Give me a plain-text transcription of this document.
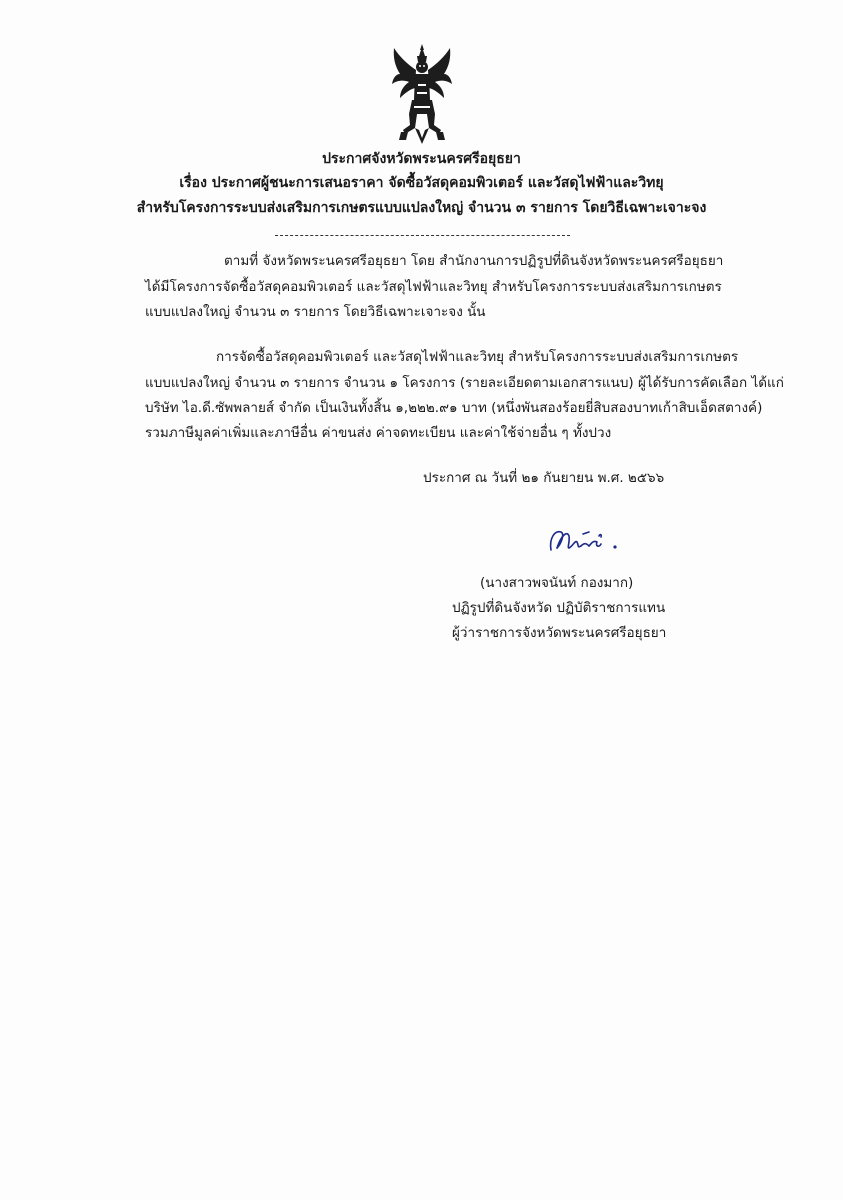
ประกาศจังหวัดพระนครศรีอยุธยา
เรื่อง ประกาศผู้ชนะการเสนอราคา จัดซื้อวัสดุคอมพิวเตอร์ และวัสดุไฟฟ้าและวิทยุ
สำหรับโครงการระบบส่งเสริมการเกษตรแบบแปลงใหญ่ จำนวน ๓ รายการ โดยวิธีเฉพาะเจาะจง
ตามที่ จังหวัดพระนครศรีอยุธยา โดย สำนักงานการปฏิรูปที่ดินจังหวัดพระนครศรีอยุธยา
ได้มีโครงการจัดซื้อวัสดุคอมพิวเตอร์ และวัสดุไฟฟ้าและวิทยุ สำหรับโครงการระบบส่งเสริมการเกษตร
แบบแปลงใหญ่ จำนวน ๓ รายการ โดยวิธีเฉพาะเจาะจง นั้น
การจัดซื้อวัสดุคอมพิวเตอร์ และวัสดุไฟฟ้าและวิทยุ สำหรับโครงการระบบส่งเสริมการเกษตร
แบบแปลงใหญ่ จำนวน ๓ รายการ จำนวน ๑ โครงการ (รายละเอียดตามเอกสารแนบ) ผู้ได้รับการคัดเลือก ได้แก่
บริษัท ไอ.ดี.ซัพพลายส์ จำกัด เป็นเงินทั้งสิ้น ๑,๒๒๒.๙๑ บาท (หนึ่งพันสองร้อยยี่สิบสองบาทเก้าสิบเอ็ดสตางค์)
รวมภาษีมูลค่าเพิ่มและภาษีอื่น ค่าขนส่ง ค่าจดทะเบียน และค่าใช้จ่ายอื่น ๆ ทั้งปวง
ประกาศ ณ วันที่ ๒๑ กันยายน พ.ศ. ๒๕๖๖
(นางสาวพจนันท์ กองมาก)
ปฏิรูปที่ดินจังหวัด ปฏิบัติราชการแทน
ผู้ว่าราชการจังหวัดพระนครศรีอยุธยา
